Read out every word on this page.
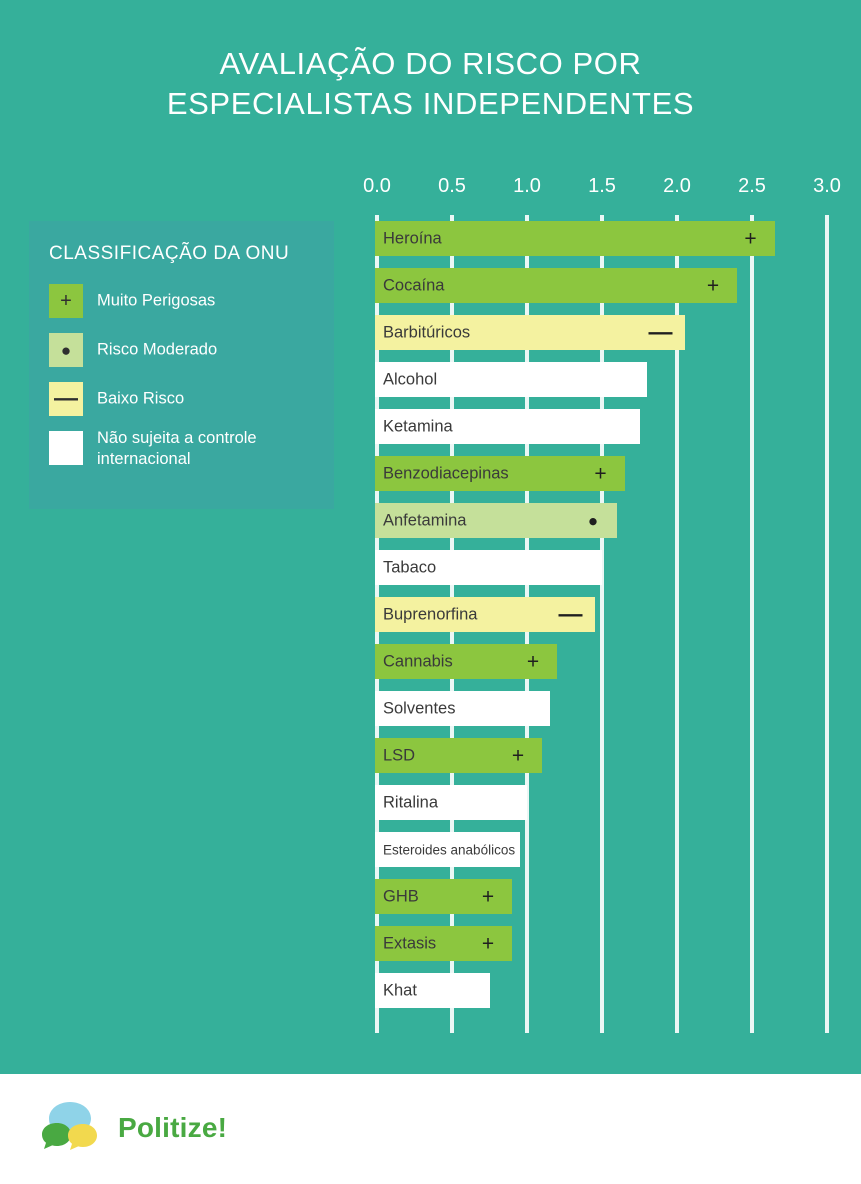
AVALIAÇÃO DO RISCO POR
ESPECIALISTAS INDEPENDENTES
CLASSIFICAÇÃO DA ONU
+	Muito Perigosas
●	Risco Moderado
—	Baixo Risco
Não sujeita a controle internacional
0.0 0.5 1.0 1.5 2.0 2.5 3.0
Heroína	+
Cocaína	+
Barbitúricos	—
Alcohol
Ketamina
Benzodiacepinas	+
Anfetamina	●
Tabaco
Buprenorfina	—
Cannabis	+
Solventes
LSD	+
Ritalina
Esteroides anabólicos
GHB	+
Extasis +
Khat
Politize!
